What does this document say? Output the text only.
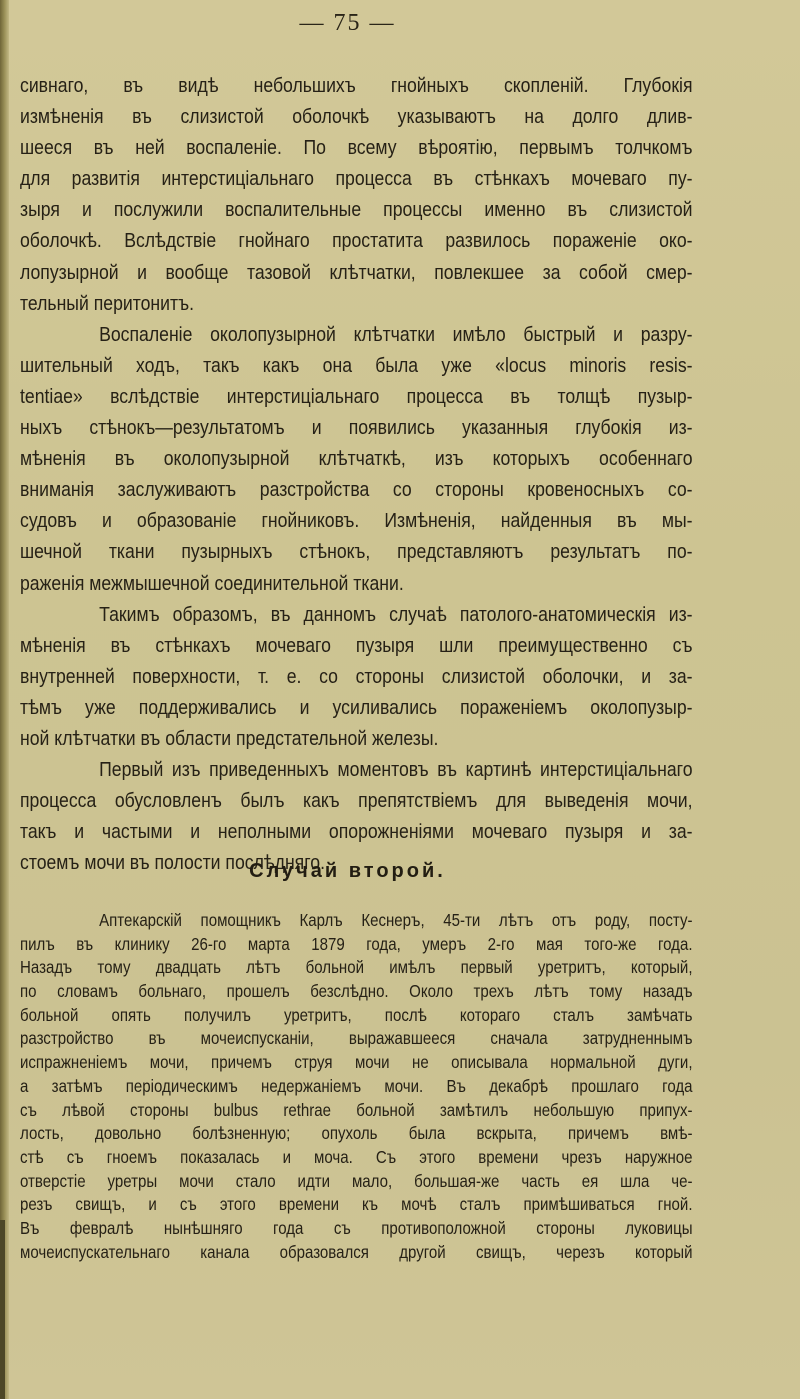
— 75 —
сивнаго, въ видѣ небольшихъ гнойныхъ скопленій. Глубокія
измѣненія въ слизистой оболочкѣ указываютъ на долго длив-
шееся въ ней воспаленіе. По всему вѣроятію, первымъ толчкомъ
для развитія интерстиціальнаго процесса въ стѣнкахъ мочеваго пу-
зыря и послужили воспалительные процессы именно въ слизистой
оболочкѣ. Вслѣдствіе гнойнаго простатита развилось пораженіе око-
лопузырной и вообще тазовой клѣтчатки, повлекшее за собой смер-
тельный перитонитъ.
Воспаленіе околопузырной клѣтчатки имѣло быстрый и разру-
шительный ходъ, такъ какъ она была уже «locus minoris resis-
tentiae» вслѣдствіе интерстиціальнаго процесса въ толщѣ пузыр-
ныхъ стѣнокъ—результатомъ и появились указанныя глубокія из-
мѣненія въ околопузырной клѣтчаткѣ, изъ которыхъ особеннаго
вниманія заслуживаютъ разстройства со стороны кровеносныхъ со-
судовъ и образованіе гнойниковъ. Измѣненія, найденныя въ мы-
шечной ткани пузырныхъ стѣнокъ, представляютъ результатъ по-
раженія межмышечной соединительной ткани.
Такимъ образомъ, въ данномъ случаѣ патолого-анатомическія из-
мѣненія въ стѣнкахъ мочеваго пузыря шли преимущественно съ
внутренней поверхности, т. е. со стороны слизистой оболочки, и за-
тѣмъ уже поддерживались и усиливались пораженіемъ околопузыр-
ной клѣтчатки въ области предстательной железы.
Первый изъ приведенныхъ моментовъ въ картинѣ интерстиціальнаго
процесса обусловленъ былъ какъ препятствіемъ для выведенія мочи,
такъ и частыми и неполными опорожненіями мочеваго пузыря и за-
стоемъ мочи въ полости послѣдняго.
Случай второй.
Аптекарскій помощникъ Карлъ Кеснеръ, 45-ти лѣтъ отъ роду, посту-
пилъ въ клинику 26-го марта 1879 года, умеръ 2-го мая того-же года.
Назадъ тому двадцать лѣтъ больной имѣлъ первый уретритъ, который,
по словамъ больнаго, прошелъ безслѣдно. Около трехъ лѣтъ тому назадъ
больной опять получилъ уретритъ, послѣ котораго сталъ замѣчать
разстройство въ мочеиспусканіи, выражавшееся сначала затрудненнымъ
испражненіемъ мочи, причемъ струя мочи не описывала нормальной дуги,
а затѣмъ періодическимъ недержаніемъ мочи. Въ декабрѣ прошлаго года
съ лѣвой стороны bulbus rethrae больной замѣтилъ небольшую припух-
лость, довольно болѣзненную; опухоль была вскрыта, причемъ вмѣ-
стѣ съ гноемъ показалась и моча. Съ этого времени чрезъ наружное
отверстіе уретры мочи стало идти мало, большая-же часть ея шла че-
резъ свищъ, и съ этого времени къ мочѣ сталъ примѣшиваться гной.
Въ февралѣ нынѣшняго года съ противоположной стороны луковицы
мочеиспускательнаго канала образовался другой свищъ, черезъ который
